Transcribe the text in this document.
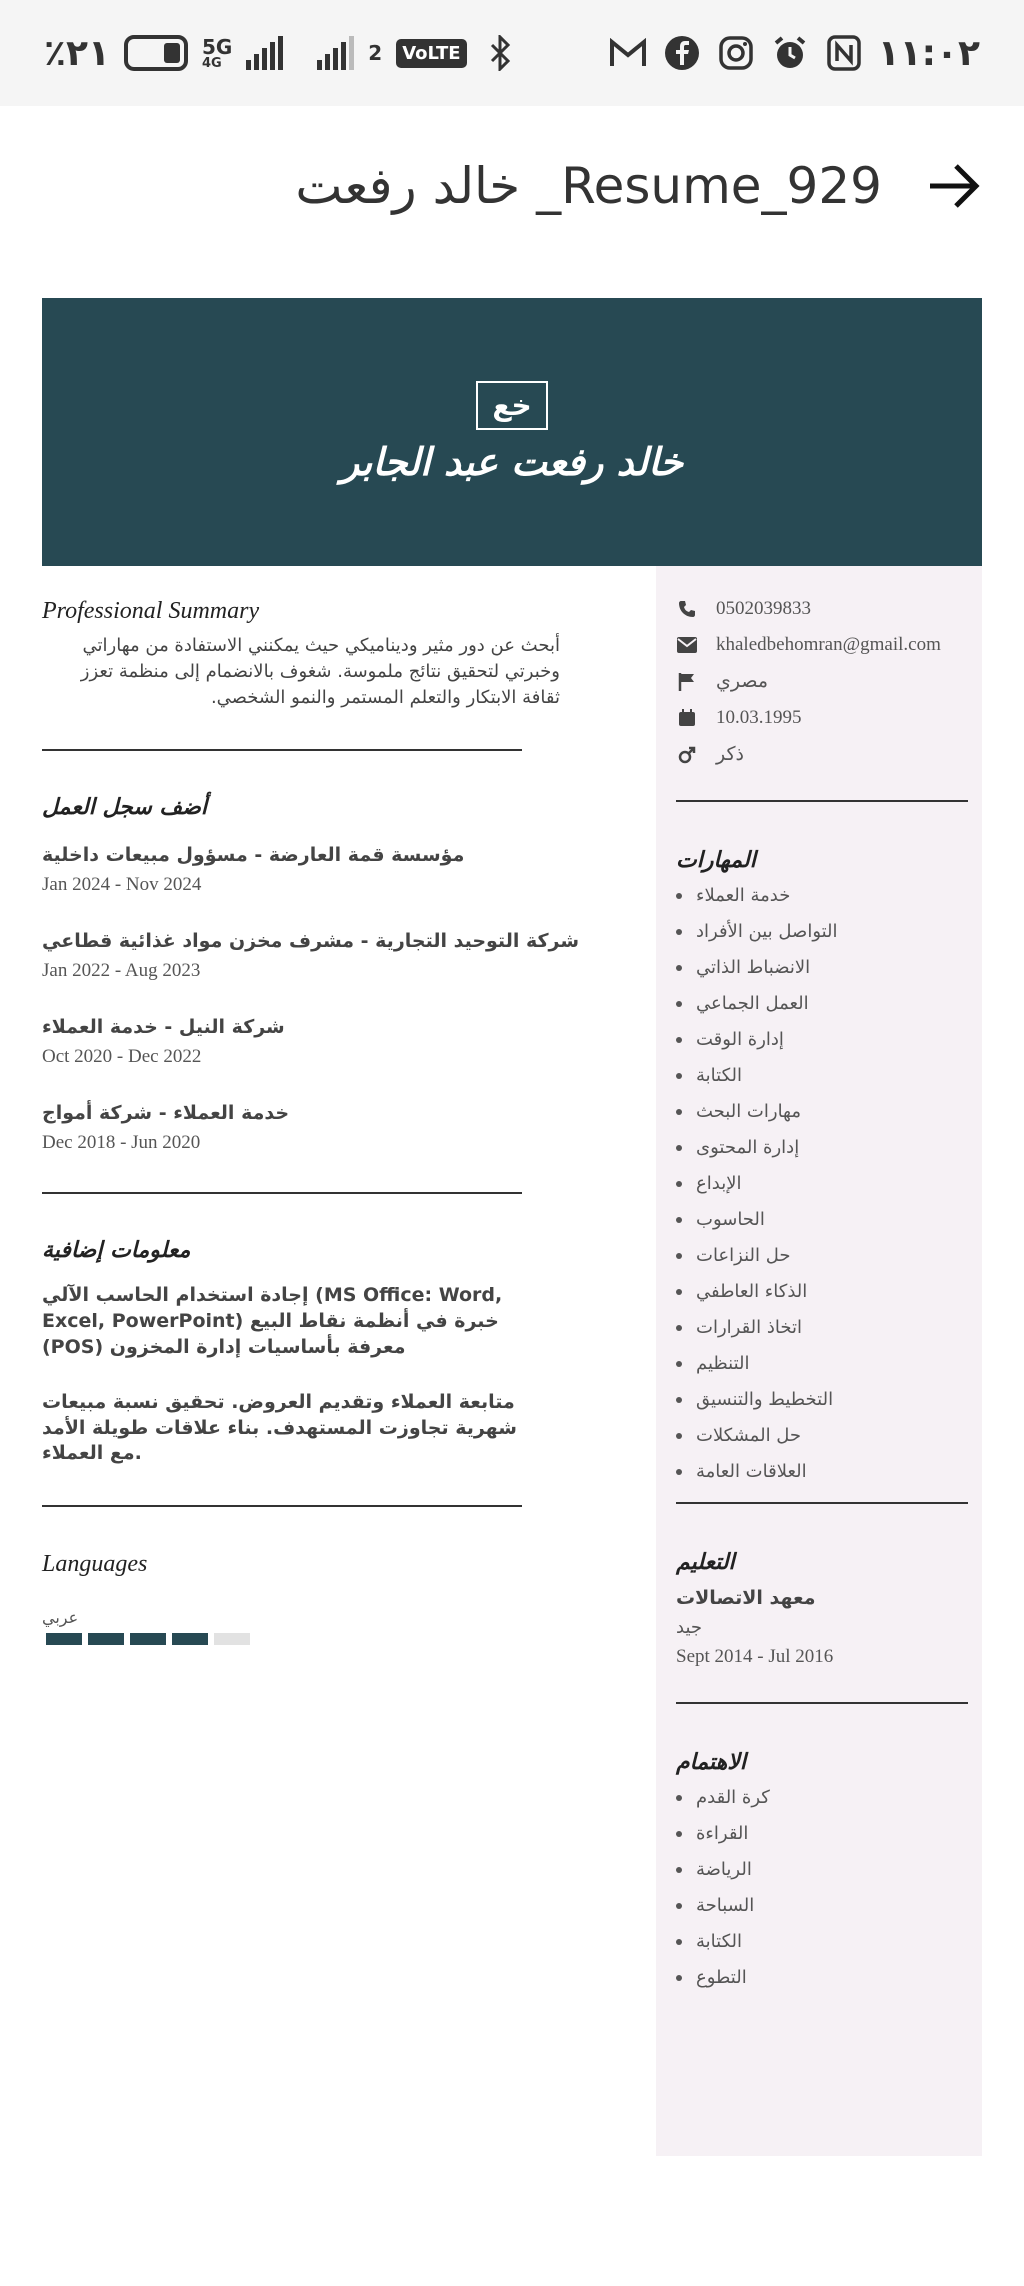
٪٢١	5G
4G	2	VoLTE	١١:٠٢
خالد رفعت _Resume_929
خع
خالد رفعت عبد الجابر
Professional Summary

أبحث عن دور مثير وديناميكي حيث يمكنني الاستفادة من مهاراتي وخبرتي لتحقيق نتائج ملموسة. شغوف بالانضمام إلى منظمة تعزز ثقافة الابتكار والتعلم المستمر والنمو الشخصي.

أضف سجل العمل
مؤسسة قمة العارضة - مسؤول مبيعات داخلية
Jan 2024 - Nov 2024
شركة التوحيد التجارية - مشرف مخزن مواد غذائية قطاعي
Jan 2022 - Aug 2023
شركة النيل - خدمة العملاء
Oct 2020 - Dec 2022
خدمة العملاء - شركة أمواج
Dec 2018 - Jun 2020
معلومات إضافية

إجادة استخدام الحاسب الآلي (MS Office: Word, Excel, PowerPoint) خبرة في أنظمة نقاط البيع (POS) معرفة بأساسيات إدارة المخزون

متابعة العملاء وتقديم العروض. تحقيق نسبة مبيعات شهرية تجاوزت المستهدف. بناء علاقات طويلة الأمد مع العملاء.

Languages
عربي
0502039833
khaledbehomran@gmail.com
مصري
10.03.1995
ذكر
المهارات
خدمة العملاء
التواصل بين الأفراد
الانضباط الذاتي
العمل الجماعي
إدارة الوقت
الكتابة
مهارات البحث
إدارة المحتوى
الإبداع
الحاسوب
حل النزاعات
الذكاء العاطفي
اتخاذ القرارات
التنظيم
التخطيط والتنسيق
حل المشكلات
العلاقات العامة
التعليم
معهد الاتصالات
جيد
Sept 2014 - Jul 2016
الاهتمام
كرة القدم
القراءة
الرياضة
السباحة
الكتابة
التطوع
